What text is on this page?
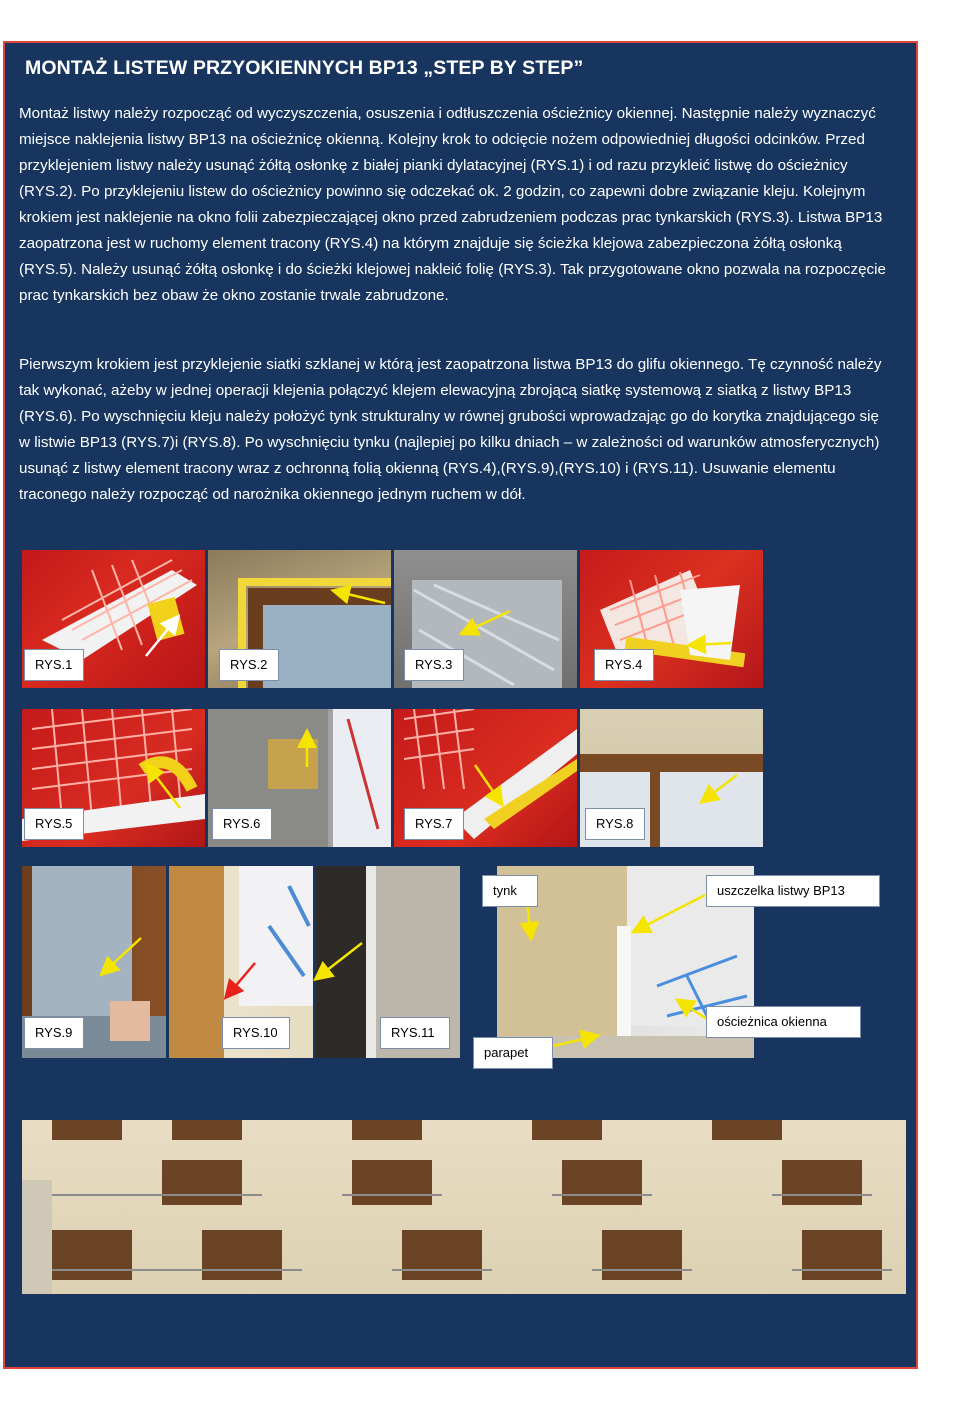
MONTAŻ LISTEW PRZYOKIENNYCH BP13 „STEP BY STEP”

Montaż listwy należy rozpocząć od wyczyszczenia, osuszenia i odtłuszczenia ościeżnicy okiennej. Następnie należy wyznaczyć miejsce naklejenia listwy BP13 na ościeżnicę okienną. Kolejny krok to odcięcie nożem odpowiedniej długości odcinków. Przed przyklejeniem listwy należy usunąć żółtą osłonkę z białej pianki dylatacyjnej (RYS.1) i od razu przykleić listwę do ościeżnicy (RYS.2). Po przyklejeniu listew do ościeżnicy powinno się odczekać ok. 2 godzin, co zapewni dobre związanie kleju. Kolejnym krokiem jest naklejenie na okno folii zabezpieczającej okno przed zabrudzeniem podczas prac tynkarskich (RYS.3). Listwa BP13 zaopatrzona jest w ruchomy element tracony (RYS.4) na którym znajduje się ścieżka klejowa zabezpieczona żółtą osłonką (RYS.5). Należy usunąć żółtą osłonkę i do ścieżki klejowej nakleić folię (RYS.3). Tak przygotowane okno pozwala na rozpoczęcie prac tynkarskich bez obaw że okno zostanie trwale zabrudzone.

Pierwszym krokiem jest przyklejenie siatki szklanej w którą jest zaopatrzona listwa BP13 do glifu okiennego. Tę czynność należy tak wykonać, ażeby w jednej operacji klejenia połączyć klejem elewacyjną zbrojącą siatkę systemową z siatką z listwy BP13 (RYS.6). Po wyschnięciu kleju należy położyć tynk strukturalny w równej grubości wprowadzając go do korytka znajdującego się w listwie BP13 (RYS.7)i (RYS.8). Po wyschnięciu tynku (najlepiej po kilku dniach – w zależności od warunków atmosferycznych) usunąć z listwy element tracony wraz z ochronną folią okienną (RYS.4),(RYS.9),(RYS.10) i (RYS.11). Usuwanie elementu traconego należy rozpocząć od narożnika okiennego jednym ruchem w dół.

RYS.1	RYS.2	RYS.3	RYS.4
RYS.5	RYS.6	RYS.7	RYS.8
RYS.9	RYS.10	RYS.11
tynk	uszczelka listwy BP13
ościeżnica okienna
parapet
